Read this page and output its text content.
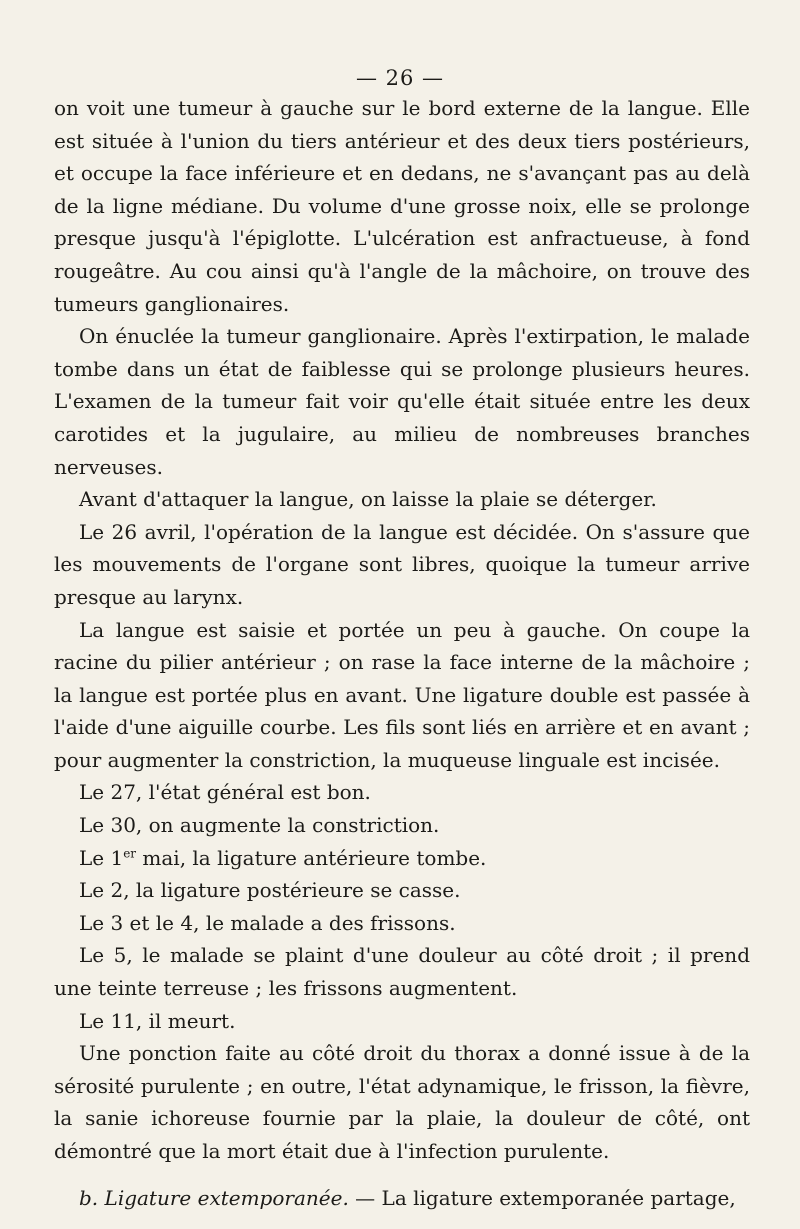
— 26 —

on voit une tumeur à gauche sur le bord externe de la langue. Elle est située à l'union du tiers antérieur et des deux tiers postérieurs, et occupe la face inférieure et en dedans, ne s'avançant pas au delà de la ligne médiane. Du volume d'une grosse noix, elle se prolonge presque jusqu'à l'épiglotte. L'ulcération est anfractueuse, à fond rougeâtre. Au cou ainsi qu'à l'angle de la mâchoire, on trouve des tumeurs ganglionaires.

On énuclée la tumeur ganglionaire. Après l'extirpation, le malade tombe dans un état de faiblesse qui se prolonge plusieurs heures. L'examen de la tumeur fait voir qu'elle était située entre les deux carotides et la jugulaire, au milieu de nombreuses branches nerveuses.

Avant d'attaquer la langue, on laisse la plaie se déterger.

Le 26 avril, l'opération de la langue est décidée. On s'assure que les mouvements de l'organe sont libres, quoique la tumeur arrive presque au larynx.

La langue est saisie et portée un peu à gauche. On coupe la racine du pilier antérieur ; on rase la face interne de la mâchoire ; la langue est portée plus en avant. Une ligature double est passée à l'aide d'une aiguille courbe. Les fils sont liés en arrière et en avant ; pour augmenter la constriction, la muqueuse linguale est incisée.

Le 27, l'état général est bon.

Le 30, on augmente la constriction.

Le 1er mai, la ligature antérieure tombe.

Le 2, la ligature postérieure se casse.

Le 3 et le 4, le malade a des frissons.

Le 5, le malade se plaint d'une douleur au côté droit ; il prend une teinte terreuse ; les frissons augmentent.

Le 11, il meurt.

Une ponction faite au côté droit du thorax a donné issue à de la sérosité purulente ; en outre, l'état adynamique, le frisson, la fièvre, la sanie ichoreuse fournie par la plaie, la douleur de côté, ont démontré que la mort était due à l'infection purulente.

b. Ligature extemporanée. — La ligature extemporanée partage,
